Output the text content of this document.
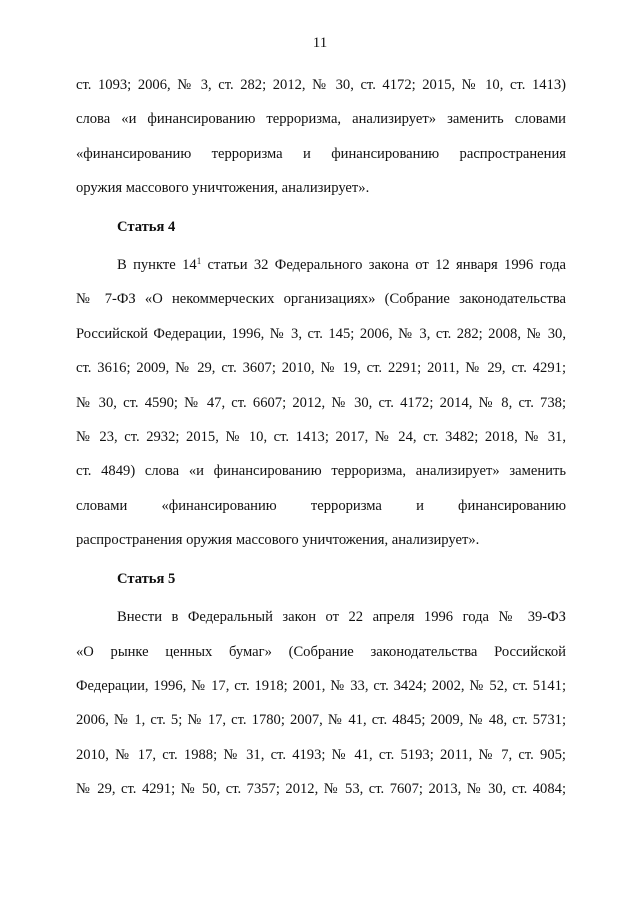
11
ст. 1093; 2006, № 3, ст. 282; 2012, № 30, ст. 4172; 2015, № 10, ст. 1413)
слова «и финансированию терроризма, анализирует» заменить словами
«финансированию терроризма и финансированию распространения
оружия массового уничтожения, анализирует».
Статья 4
В пункте $14^1$ статьи 32 Федерального закона от 12 января 1996 года
№ 7-ФЗ «О некоммерческих организациях» (Собрание законодательства
Российской Федерации, 1996, № 3, ст. 145; 2006, № 3, ст. 282; 2008, № 30,
ст. 3616; 2009, № 29, ст. 3607; 2010, № 19, ст. 2291; 2011, № 29, ст. 4291;
№ 30, ст. 4590; № 47, ст. 6607; 2012, № 30, ст. 4172; 2014, № 8, ст. 738;
№ 23, ст. 2932; 2015, № 10, ст. 1413; 2017, № 24, ст. 3482; 2018, № 31,
ст. 4849) слова «и финансированию терроризма, анализирует» заменить
словами «финансированию терроризма и финансированию
распространения оружия массового уничтожения, анализирует».
Статья 5
Внести в Федеральный закон от 22 апреля 1996 года № 39-ФЗ
«О рынке ценных бумаг» (Собрание законодательства Российской
Федерации, 1996, № 17, ст. 1918; 2001, № 33, ст. 3424; 2002, № 52, ст. 5141;
2006, № 1, ст. 5; № 17, ст. 1780; 2007, № 41, ст. 4845; 2009, № 48, ст. 5731;
2010, № 17, ст. 1988; № 31, ст. 4193; № 41, ст. 5193; 2011, № 7, ст. 905;
№ 29, ст. 4291; № 50, ст. 7357; 2012, № 53, ст. 7607; 2013, № 30, ст. 4084;
